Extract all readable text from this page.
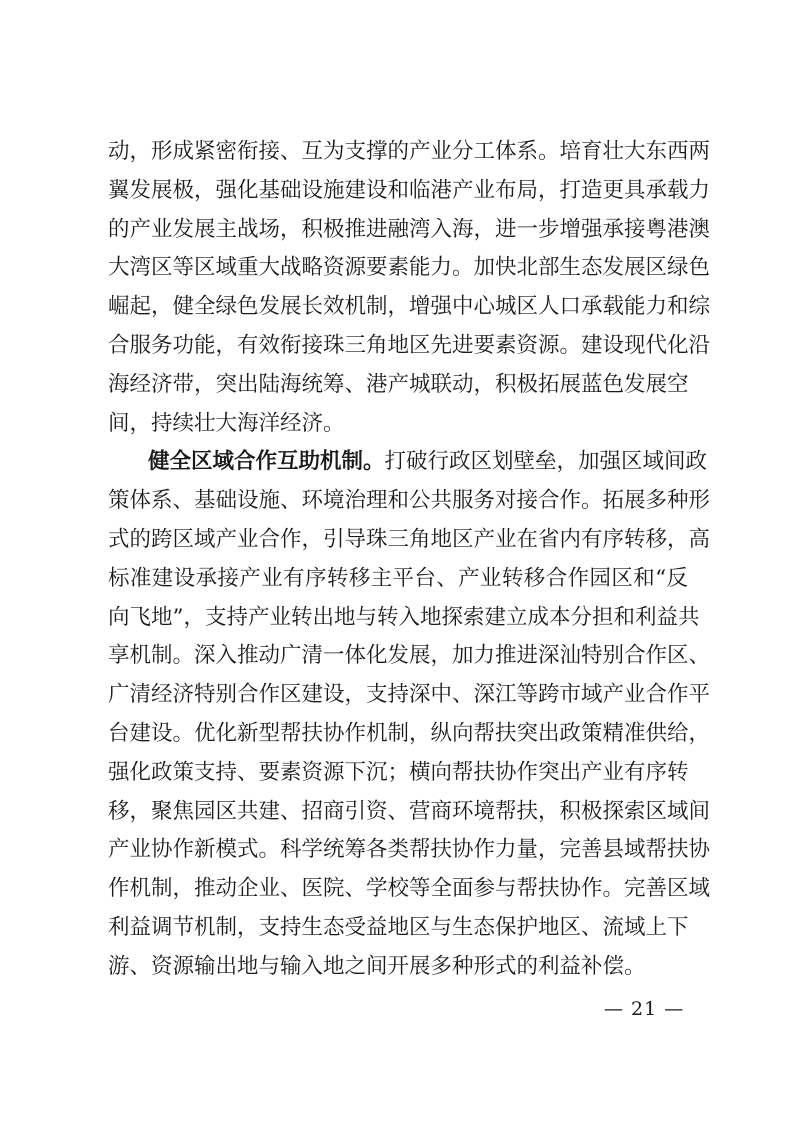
动，形成紧密衔接、互为支撑的产业分工体系。培育壮大东西两
翼发展极，强化基础设施建设和临港产业布局，打造更具承载力
的产业发展主战场，积极推进融湾入海，进一步增强承接粤港澳
大湾区等区域重大战略资源要素能力。加快北部生态发展区绿色
崛起，健全绿色发展长效机制，增强中心城区人口承载能力和综
合服务功能，有效衔接珠三角地区先进要素资源。建设现代化沿
海经济带，突出陆海统筹、港产城联动，积极拓展蓝色发展空
间，持续壮大海洋经济。
健全区域合作互助机制。打破行政区划壁垒，加强区域间政
策体系、基础设施、环境治理和公共服务对接合作。拓展多种形
式的跨区域产业合作，引导珠三角地区产业在省内有序转移，高
标准建设承接产业有序转移主平台、产业转移合作园区和“反
向飞地”，支持产业转出地与转入地探索建立成本分担和利益共
享机制。深入推动广清一体化发展，加力推进深汕特别合作区、
广清经济特别合作区建设，支持深中、深江等跨市域产业合作平
台建设。优化新型帮扶协作机制，纵向帮扶突出政策精准供给，
强化政策支持、要素资源下沉；横向帮扶协作突出产业有序转
移，聚焦园区共建、招商引资、营商环境帮扶，积极探索区域间
产业协作新模式。科学统筹各类帮扶协作力量，完善县域帮扶协
作机制，推动企业、医院、学校等全面参与帮扶协作。完善区域
利益调节机制，支持生态受益地区与生态保护地区、流域上下
游、资源输出地与输入地之间开展多种形式的利益补偿。
— 21 —
